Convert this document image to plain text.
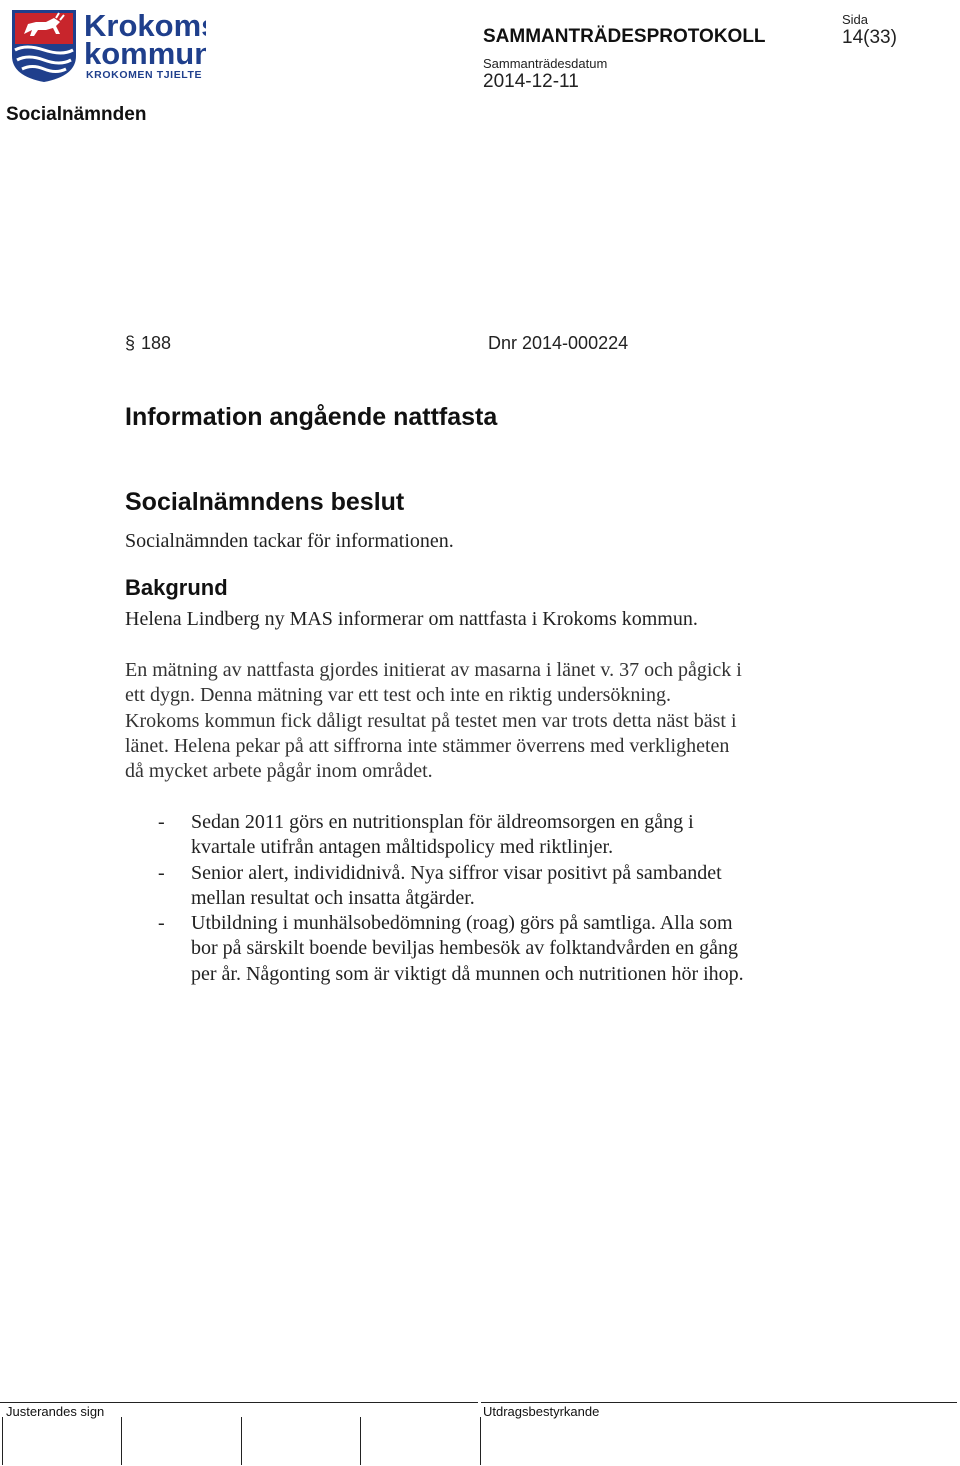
Krokoms
kommun
KROKOMEN TJIELTE
Socialnämnden
SAMMANTRÄDESPROTOKOLL
Sammanträdesdatum
2014-12-11
Sida
14(33)
§ 188	Dnr 2014-000224
Information angående nattfasta
Socialnämndens beslut
Socialnämnden tackar för informationen.
Bakgrund
Helena Lindberg ny MAS informerar om nattfasta i Krokoms kommun.
En mätning av nattfasta gjordes initierat av masarna i länet v. 37 och pågick i
ett dygn. Denna mätning var ett test och inte en riktig undersökning.
Krokoms kommun fick dåligt resultat på testet men var trots detta näst bäst i
länet. Helena pekar på att siffrorna inte stämmer överrens med verkligheten
då mycket arbete pågår inom området.
- Sedan 2011 görs en nutritionsplan för äldreomsorgen en gång i
kvartale utifrån antagen måltidspolicy med riktlinjer.
- Senior alert, individidnivå. Nya siffror visar positivt på sambandet
mellan resultat och insatta åtgärder.
- Utbildning i munhälsobedömning (roag) görs på samtliga. Alla som
bor på särskilt boende beviljas hembesök av folktandvården en gång
per år. Någonting som är viktigt då munnen och nutritionen hör ihop.
Justerandes sign	Utdragsbestyrkande
